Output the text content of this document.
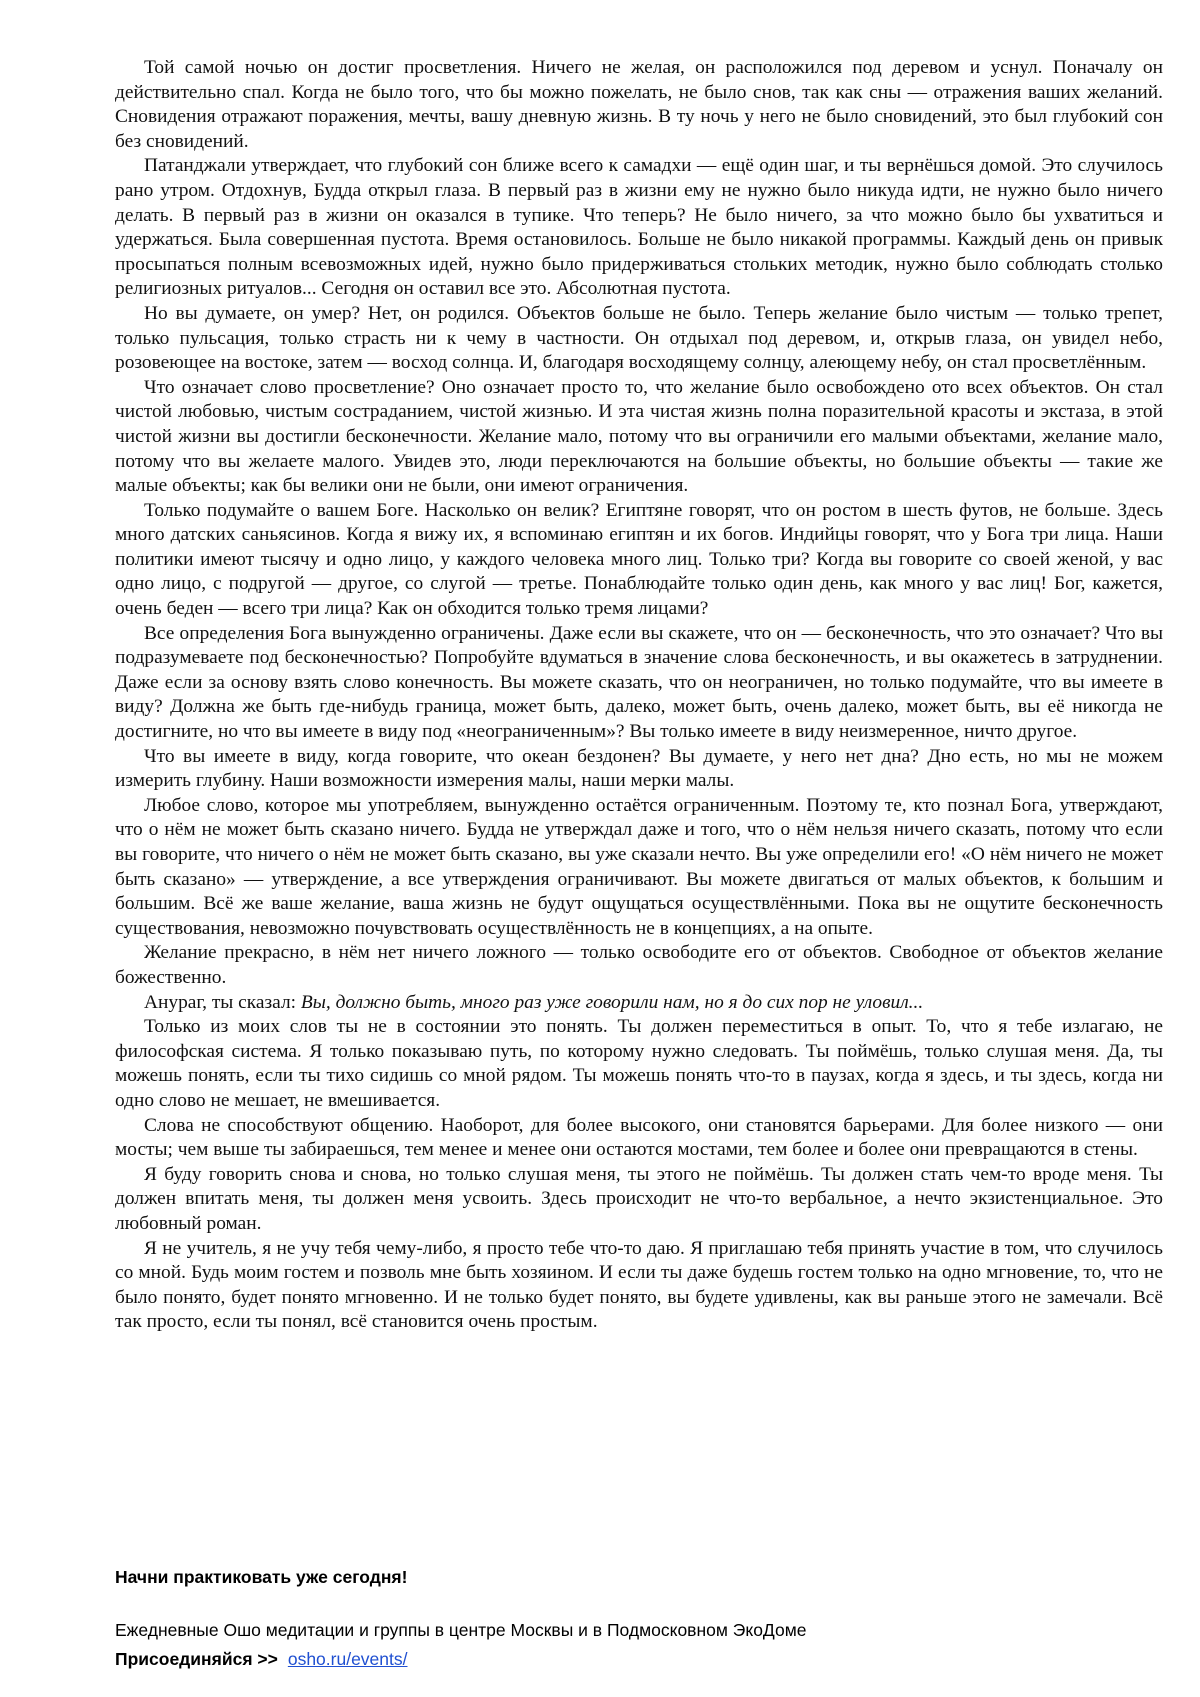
Той самой ночью он достиг просветления. Ничего не желая, он расположился под деревом и уснул. Поначалу он действительно спал. Когда не было того, что бы можно пожелать, не было снов, так как сны — отражения ваших желаний. Сновидения отражают поражения, мечты, вашу дневную жизнь. В ту ночь у него не было сновидений, это был глубокий сон без сновидений.

Патанджали утверждает, что глубокий сон ближе всего к самадхи — ещё один шаг, и ты вернёшься домой. Это случилось рано утром. Отдохнув, Будда открыл глаза. В первый раз в жизни ему не нужно было никуда идти, не нужно было ничего делать. В первый раз в жизни он оказался в тупике. Что теперь? Не было ничего, за что можно было бы ухватиться и удержаться. Была совершенная пустота. Время остановилось. Больше не было никакой программы. Каждый день он привык просыпаться полным всевозможных идей, нужно было придерживаться стольких методик, нужно было соблюдать столько религиозных ритуалов... Сегодня он оставил все это. Абсолютная пустота.

Но вы думаете, он умер? Нет, он родился. Объектов больше не было. Теперь желание было чистым — только трепет, только пульсация, только страсть ни к чему в частности. Он отдыхал под деревом, и, открыв глаза, он увидел небо, розовеющее на востоке, затем — восход солнца. И, благодаря восходящему солнцу, алеющему небу, он стал просветлённым.

Что означает слово просветление? Оно означает просто то, что желание было освобождено ото всех объектов. Он стал чистой любовью, чистым состраданием, чистой жизнью. И эта чистая жизнь полна поразительной красоты и экстаза, в этой чистой жизни вы достигли бесконечности. Желание мало, потому что вы ограничили его малыми объектами, желание мало, потому что вы желаете малого. Увидев это, люди переключаются на большие объекты, но большие объекты — такие же малые объекты; как бы велики они не были, они имеют ограничения.

Только подумайте о вашем Боге. Насколько он велик? Египтяне говорят, что он ростом в шесть футов, не больше. Здесь много датских саньясинов. Когда я вижу их, я вспоминаю египтян и их богов. Индийцы говорят, что у Бога три лица. Наши политики имеют тысячу и одно лицо, у каждого человека много лиц. Только три? Когда вы говорите со своей женой, у вас одно лицо, с подругой — другое, со слугой — третье. Понаблюдайте только один день, как много у вас лиц! Бог, кажется, очень беден — всего три лица? Как он обходится только тремя лицами?

Все определения Бога вынужденно ограничены. Даже если вы скажете, что он — бесконечность, что это означает? Что вы подразумеваете под бесконечностью? Попробуйте вдуматься в значение слова бесконечность, и вы окажетесь в затруднении. Даже если за основу взять слово конечность. Вы можете сказать, что он неограничен, но только подумайте, что вы имеете в виду? Должна же быть где-нибудь граница, может быть, далеко, может быть, очень далеко, может быть, вы её никогда не достигните, но что вы имеете в виду под «неограниченным»? Вы только имеете в виду неизмеренное, ничто другое.

Что вы имеете в виду, когда говорите, что океан бездонен? Вы думаете, у него нет дна? Дно есть, но мы не можем измерить глубину. Наши возможности измерения малы, наши мерки малы.

Любое слово, которое мы употребляем, вынужденно остаётся ограниченным. Поэтому те, кто познал Бога, утверждают, что о нём не может быть сказано ничего. Будда не утверждал даже и того, что о нём нельзя ничего сказать, потому что если вы говорите, что ничего о нём не может быть сказано, вы уже сказали нечто. Вы уже определили его! «О нём ничего не может быть сказано» — утверждение, а все утверждения ограничивают. Вы можете двигаться от малых объектов, к большим и большим. Всё же ваше желание, ваша жизнь не будут ощущаться осуществлёнными. Пока вы не ощутите бесконечность существования, невозможно почувствовать осуществлённость не в концепциях, а на опыте.

Желание прекрасно, в нём нет ничего ложного — только освободите его от объектов. Свободное от объектов желание божественно.

Анураг, ты сказал: Вы, должно быть, много раз уже говорили нам, но я до сих пор не уловил...

Только из моих слов ты не в состоянии это понять. Ты должен переместиться в опыт. То, что я тебе излагаю, не философская система. Я только показываю путь, по которому нужно следовать. Ты поймёшь, только слушая меня. Да, ты можешь понять, если ты тихо сидишь со мной рядом. Ты можешь понять что-то в паузах, когда я здесь, и ты здесь, когда ни одно слово не мешает, не вмешивается.

Слова не способствуют общению. Наоборот, для более высокого, они становятся барьерами. Для более низкого — они мосты; чем выше ты забираешься, тем менее и менее они остаются мостами, тем более и более они превращаются в стены.

Я буду говорить снова и снова, но только слушая меня, ты этого не поймёшь. Ты должен стать чем-то вроде меня. Ты должен впитать меня, ты должен меня усвоить. Здесь происходит не что-то вербальное, а нечто экзистенциальное. Это любовный роман.

Я не учитель, я не учу тебя чему-либо, я просто тебе что-то даю. Я приглашаю тебя принять участие в том, что случилось со мной. Будь моим гостем и позволь мне быть хозяином. И если ты даже будешь гостем только на одно мгновение, то, что не было понято, будет понято мгновенно. И не только будет понято, вы будете удивлены, как вы раньше этого не замечали. Всё так просто, если ты понял, всё становится очень простым.

Начни практиковать уже сегодня!

Ежедневные Ошо медитации и группы в центре Москвы и в Подмосковном ЭкоДоме

Присоединяйся >> osho.ru/events/
